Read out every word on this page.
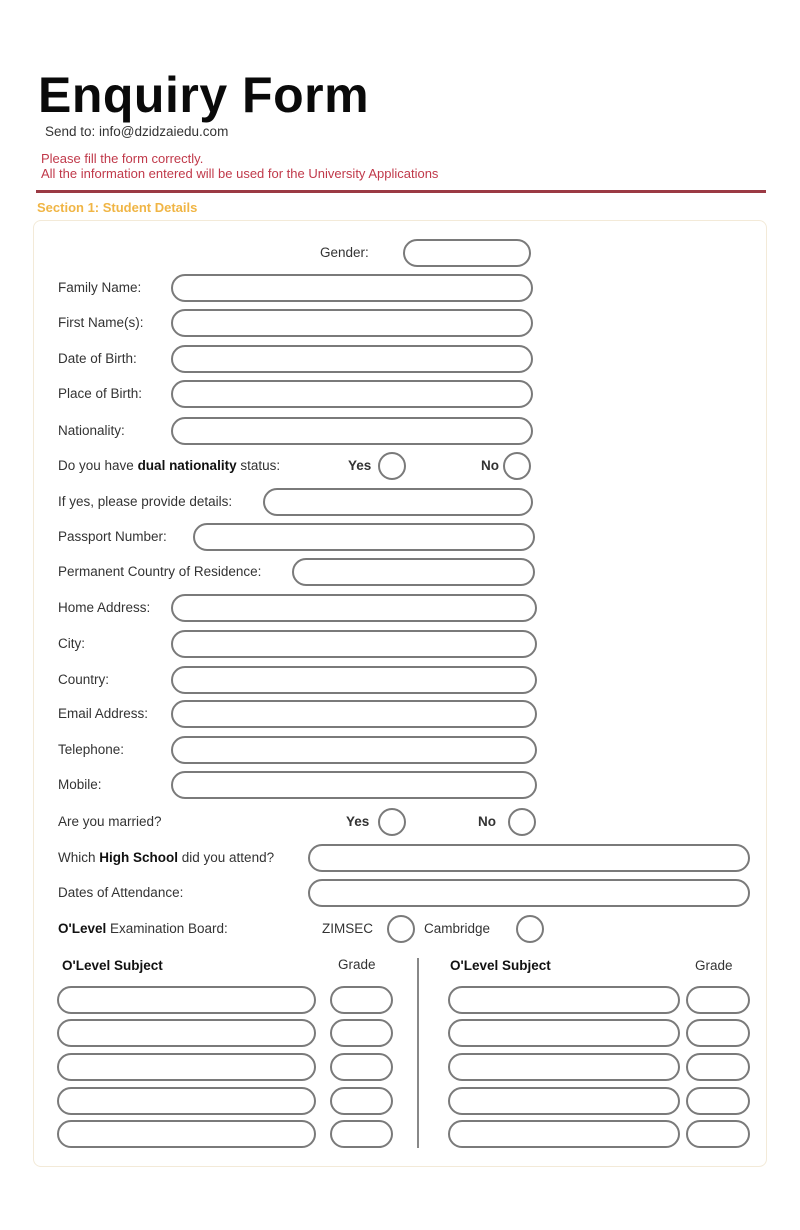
Enquiry Form
Send to: info@dzidzaiedu.com
Please fill the form correctly.
All the information entered will be used for the University Applications
Section 1: Student Details
Gender:
Family Name:
First Name(s):
Date of Birth:
Place of Birth:
Nationality:
Do you have dual nationality status:	Yes	No
If yes, please provide details:
Passport Number:
Permanent Country of Residence:
Home Address:
City:
Country:
Email Address:
Telephone:
Mobile:
Are you married?	Yes	No
Which High School did you attend?
Dates of Attendance:
O'Level Examination Board:	ZIMSEC	Cambridge
O'Level Subject	Grade	O'Level Subject	Grade
